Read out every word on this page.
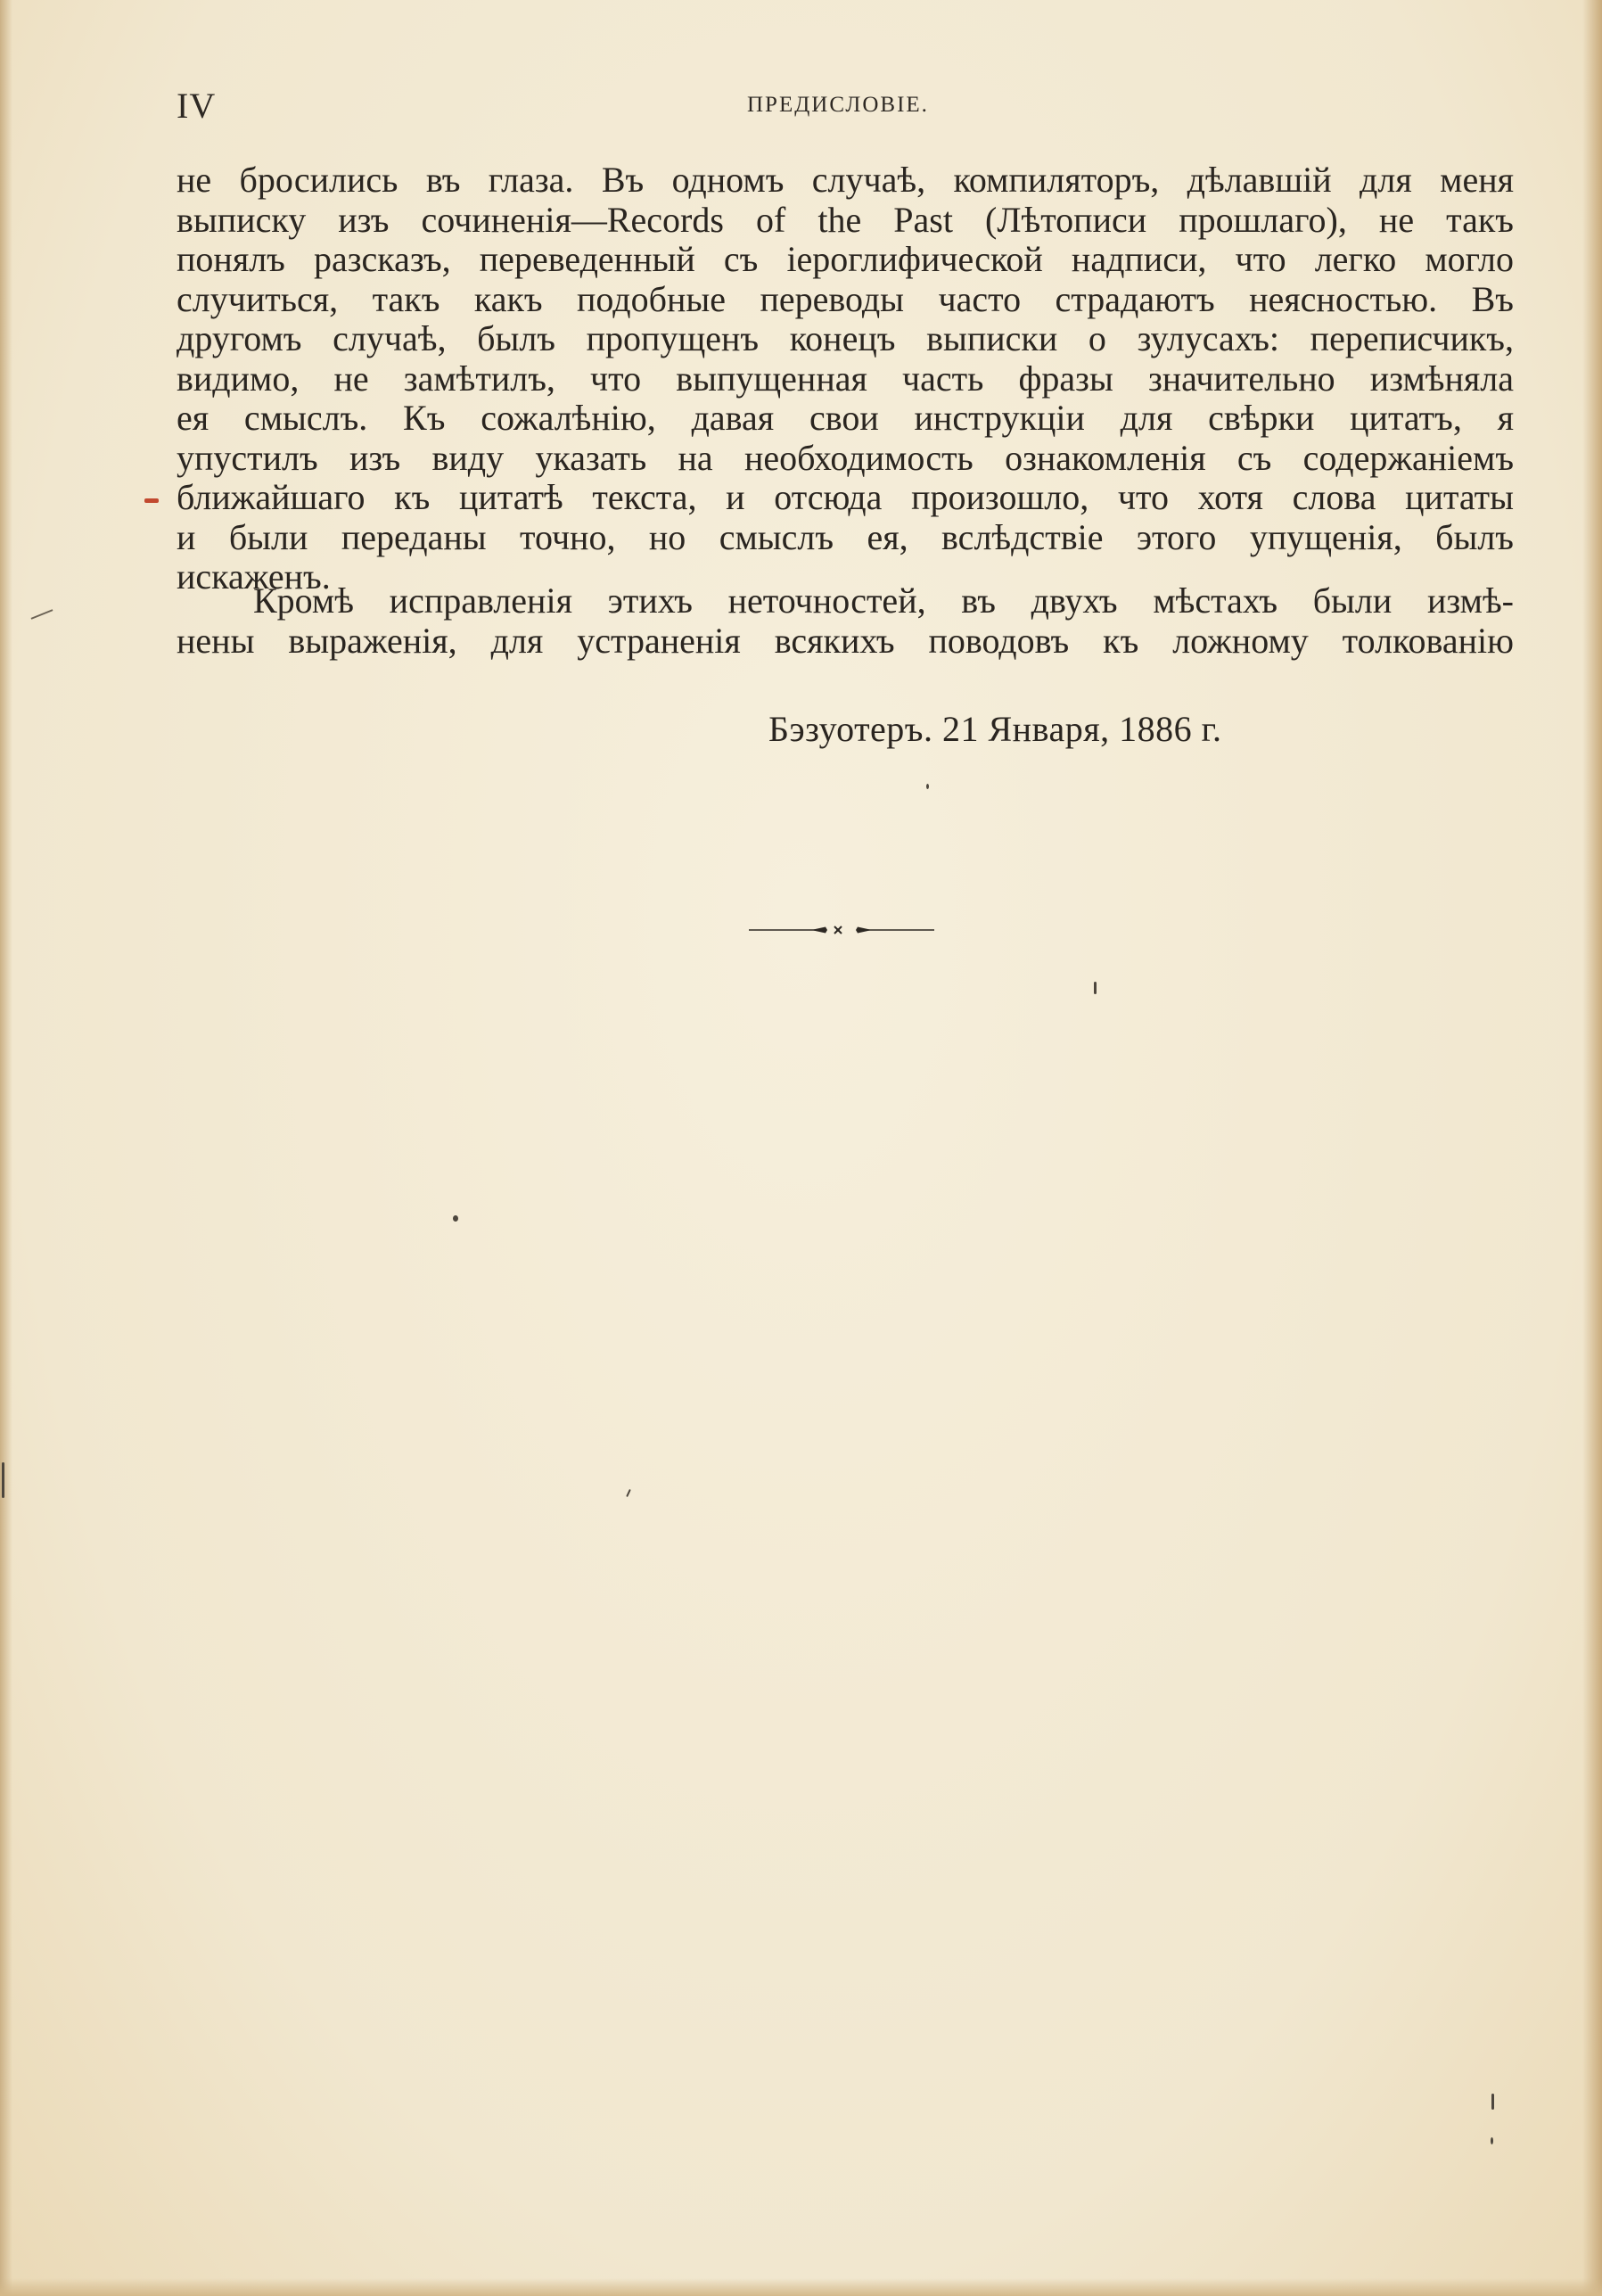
IV	ПРЕДИСЛОВІЕ.
не бросились въ глаза. Въ одномъ случаѣ, компиляторъ, дѣлавшій для меня
выписку изъ сочиненія—Records of the Past (Лѣтописи прошлаго), не такъ
понялъ разсказъ, переведенный съ іероглифической надписи, что легко могло
случиться, такъ какъ подобные переводы часто страдаютъ неясностью. Въ
другомъ случаѣ, былъ пропущенъ конецъ выписки о зулусахъ: переписчикъ,
видимо, не замѣтилъ, что выпущенная часть фразы значительно измѣняла
ея смыслъ. Къ сожалѣнію, давая свои инструкціи для свѣрки цитатъ, я
упустилъ изъ виду указать на необходимость ознакомленія съ содержаніемъ
ближайшаго къ цитатѣ текста, и отсюда произошло, что хотя слова цитаты
и были переданы точно, но смыслъ ея, вслѣдствіе этого упущенія, былъ
искаженъ.
Кромѣ исправленія этихъ неточностей, въ двухъ мѣстахъ были измѣ-
нены выраженія, для устраненія всякихъ поводовъ къ ложному толкованію
Бэзуотеръ. 21 Января, 1886 г.
